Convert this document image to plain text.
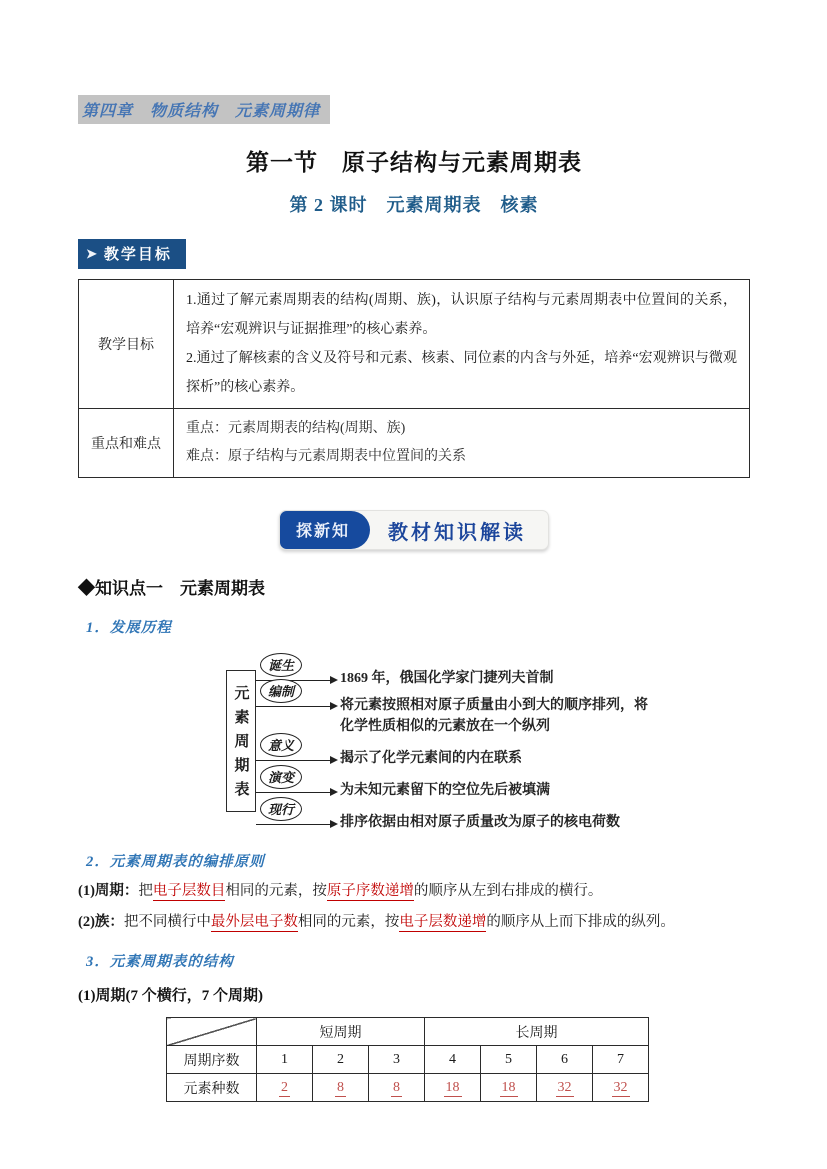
第四章　物质结构　元素周期律
第一节　原子结构与元素周期表
第 2 课时　元素周期表　核素
➤ 教学目标
教学目标	1.通过了解元素周期表的结构(周期、族)，认识原子结构与元素周期表中位置间的关系，培养“宏观辨识与证据推理”的核心素养。
2.通过了解核素的含义及符号和元素、核素、同位素的内含与外延，培养“宏观辨识与微观探析”的核心素养。

重点和难点	重点：元素周期表的结构(周期、族)
难点：原子结构与元素周期表中位置间的关系
探新知	教材知识解读
◆知识点一　元素周期表
1．发展历程
元素周期表
诞生
1869 年，俄国化学家门捷列夫首制
编制
将元素按照相对原子质量由小到大的顺序排列，将化学性质相似的元素放在一个纵列
意义
揭示了化学元素间的内在联系
演变
为未知元素留下的空位先后被填满
现行
排序依据由相对原子质量改为原子的核电荷数
2．元素周期表的编排原则
(1)周期：把电子层数目相同的元素，按原子序数递增的顺序从左到右排成的横行。
(2)族：把不同横行中最外层电子数相同的元素，按电子层数递增的顺序从上而下排成的纵列。
3．元素周期表的结构
(1)周期(7 个横行，7 个周期)
	短周期			长周期			
周期序数	1	2	3	4	5	6	7
元素种数	2	8	8	18	18	32	32
